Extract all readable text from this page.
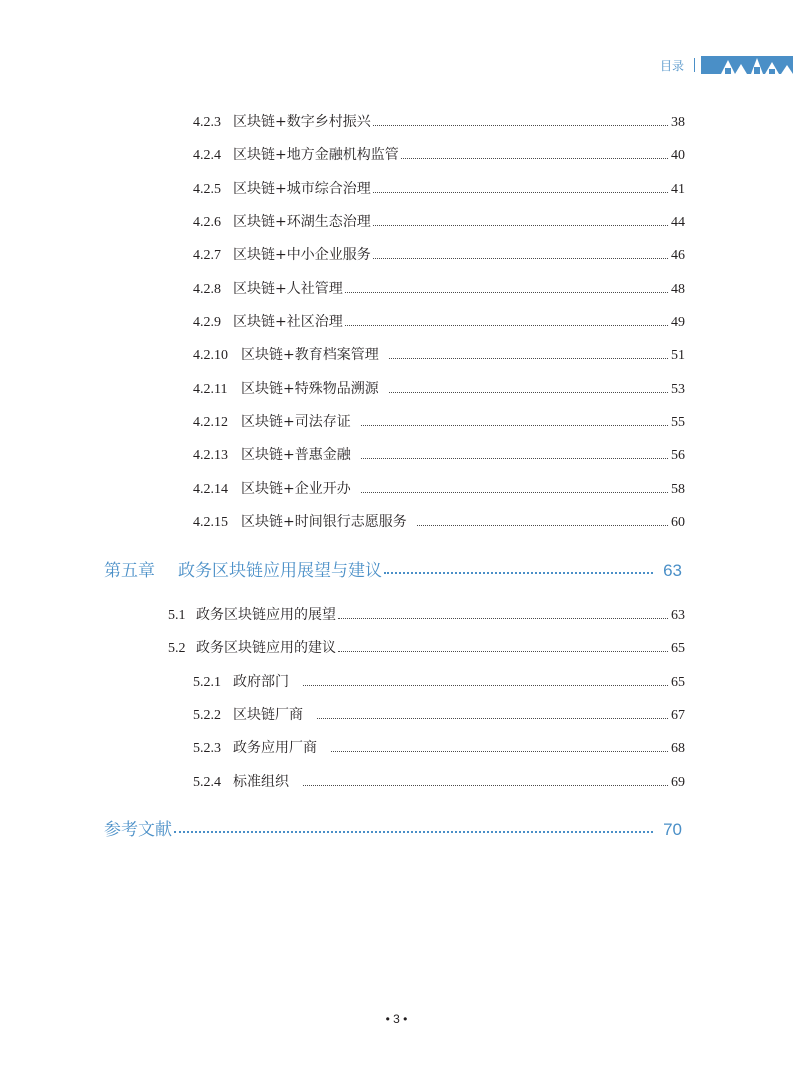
目录
4.2.3 区块链+数字乡村振兴	38
4.2.4 区块链+地方金融机构监管	40
4.2.5 区块链+城市综合治理	41
4.2.6 区块链+环湖生态治理	44
4.2.7 区块链+中小企业服务	46
4.2.8 区块链+人社管理	48
4.2.9 区块链+社区治理	49
4.2.10 区块链+教育档案管理	51
4.2.11 区块链+特殊物品溯源	53
4.2.12 区块链+司法存证	55
4.2.13 区块链+普惠金融	56
4.2.14 区块链+企业开办	58
4.2.15 区块链+时间银行志愿服务	60
第五章	政务区块链应用展望与建议	63
5.1 政务区块链应用的展望	63
5.2 政务区块链应用的建议	65
5.2.1 政府部门	65
5.2.2 区块链厂商	67
5.2.3 政务应用厂商	68
5.2.4 标准组织	69
参考文献	70
• 3 •
